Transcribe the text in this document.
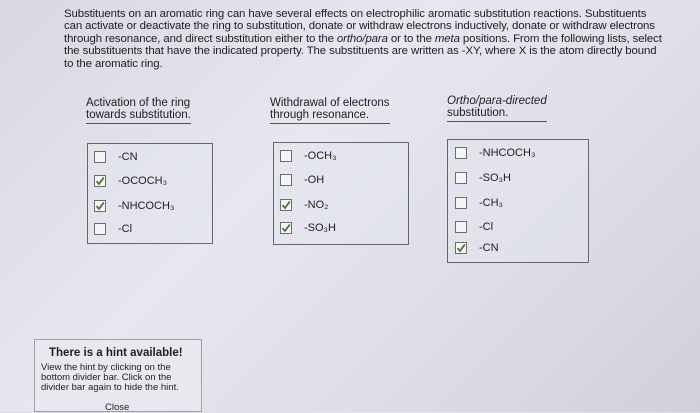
Substituents on an aromatic ring can have several effects on electrophilic aromatic substitution reactions. Substituents can activate or deactivate the ring to substitution, donate or withdraw electrons inductively, donate or withdraw electrons through resonance, and direct substitution either to the ortho/para or to the meta positions. From the following lists, select the substituents that have the indicated property. The substituents are written as -XY, where X is the atom directly bound to the aromatic ring.
Activation of the ring
towards substitution.
-CN
-OCOCH₃
-NHCOCH₃
-Cl
Withdrawal of electrons
through resonance.
-OCH₃
-OH
-NO₂
-SO₃H
Ortho/para-directed
substitution.
-NHCOCH₃
-SO₃H
-CH₃
-Cl
-CN
There is a hint available!
View the hint by clicking on the bottom divider bar. Click on the divider bar again to hide the hint.
Close
